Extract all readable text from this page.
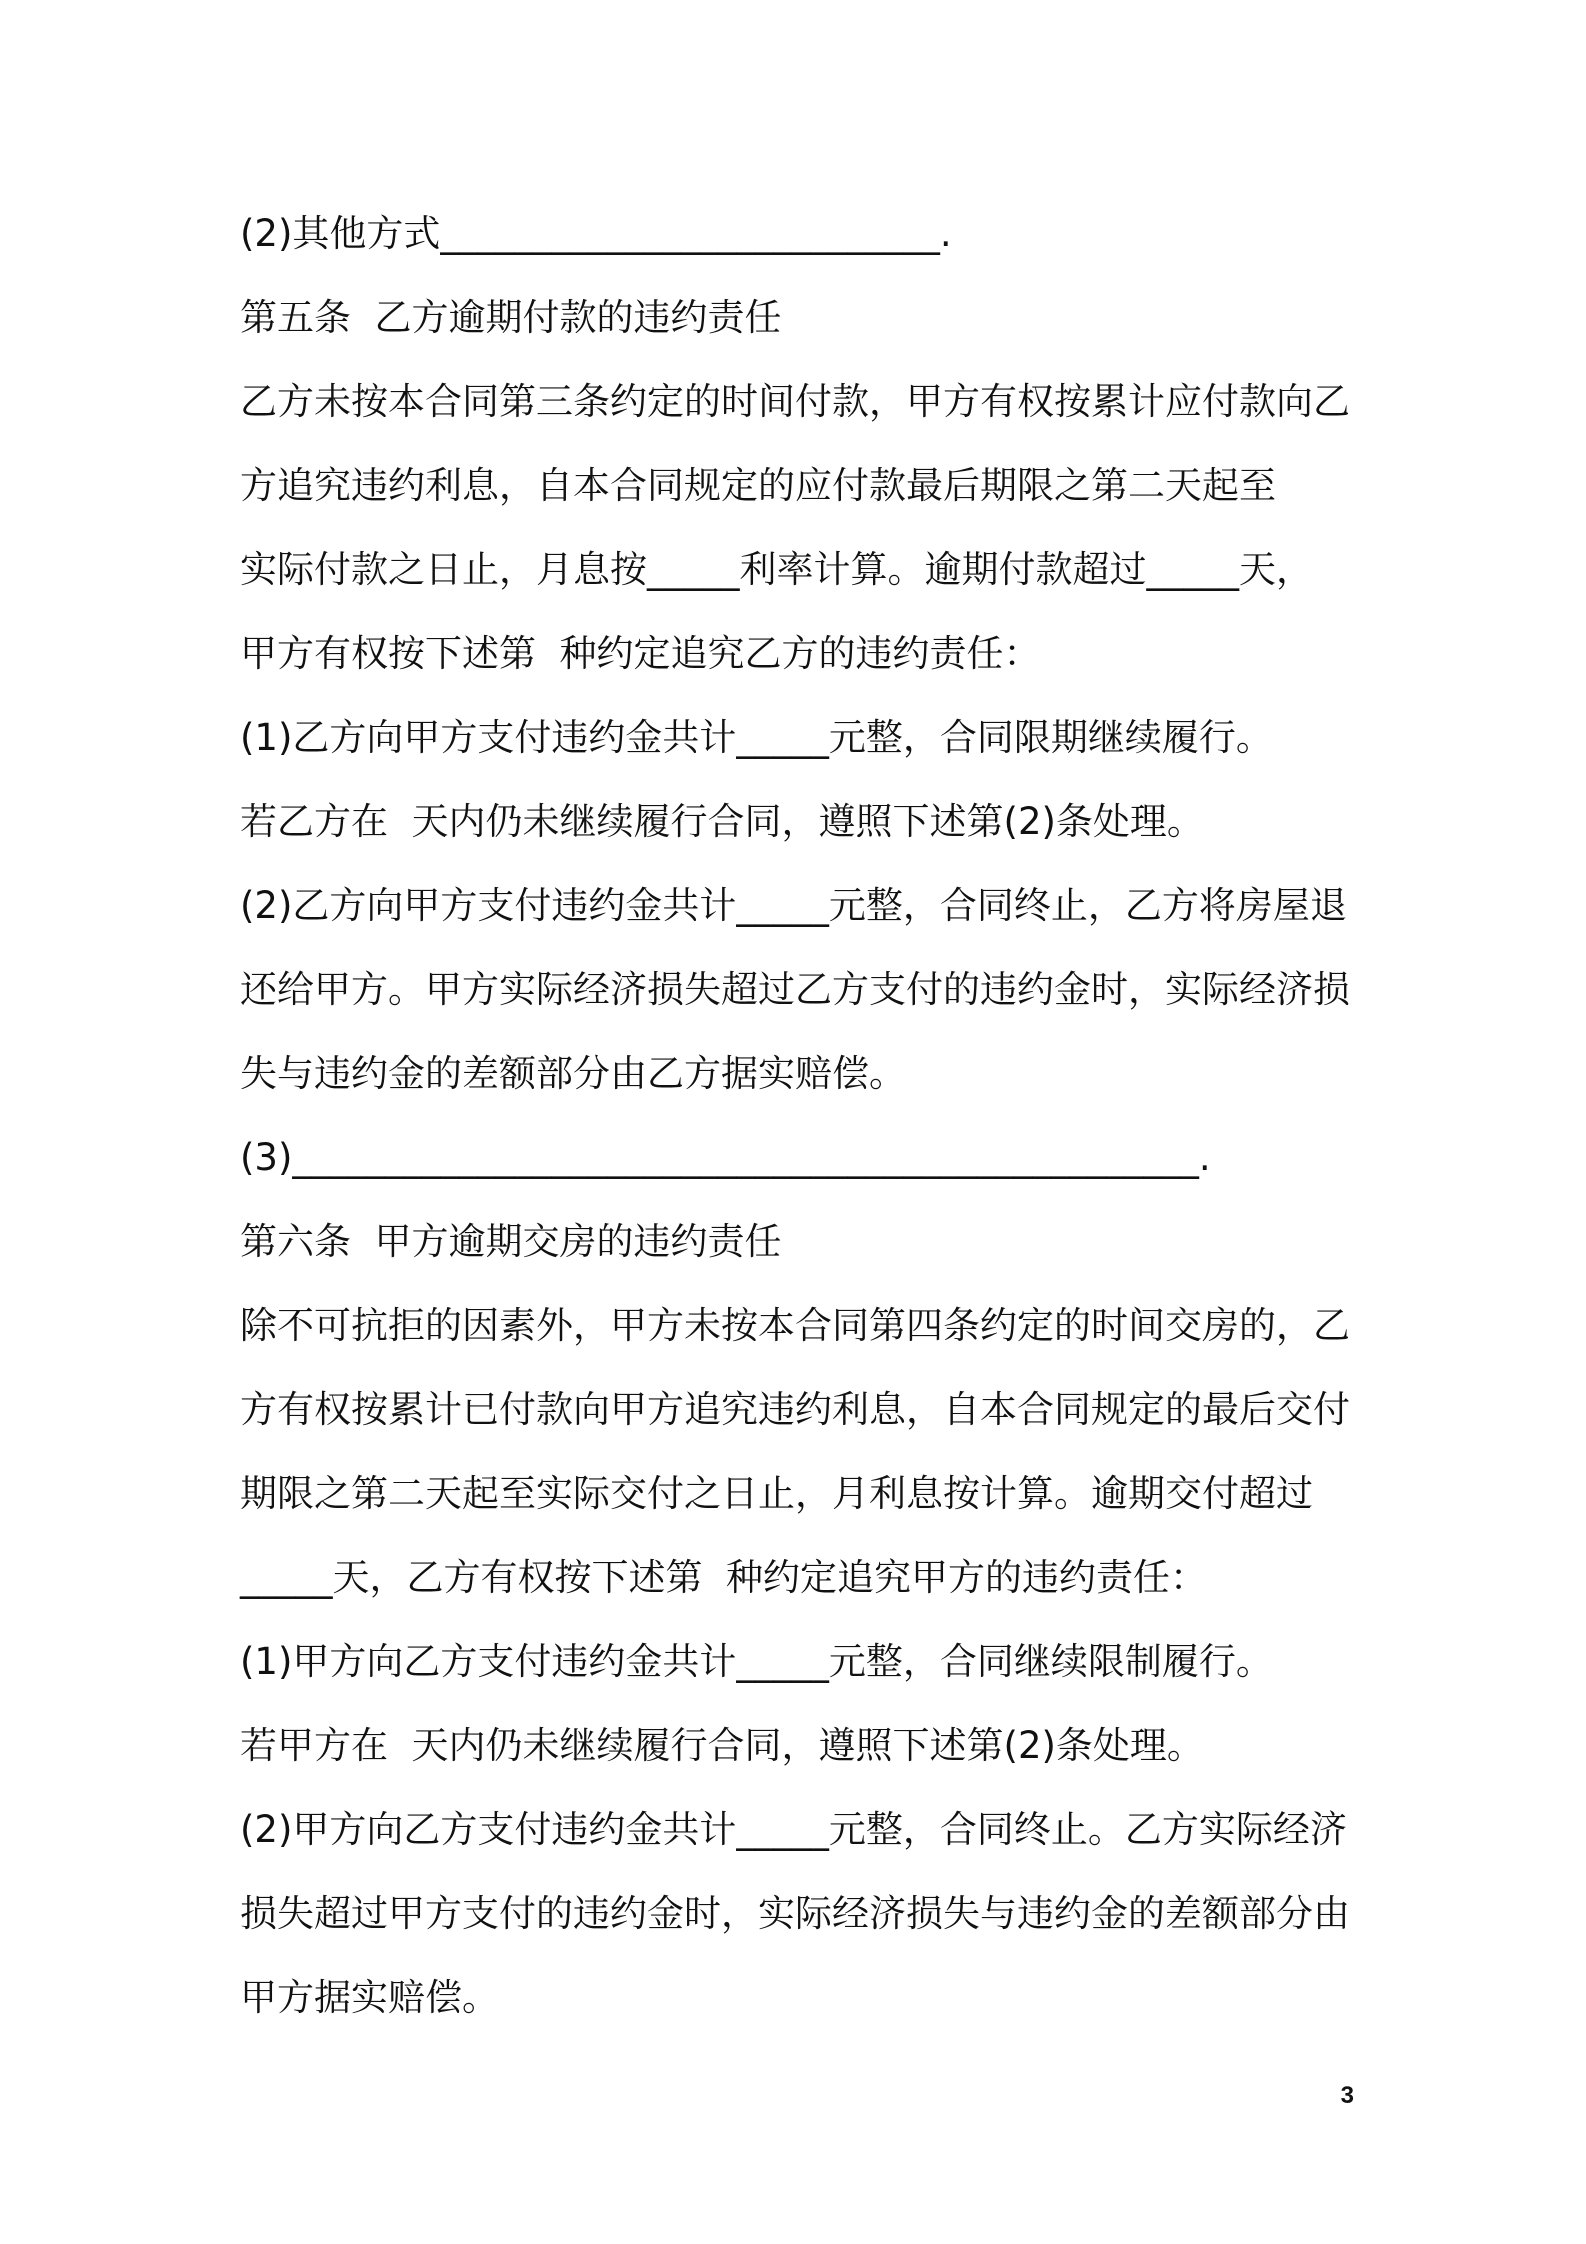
(2)其他方式___________________________.
第五条  乙方逾期付款的违约责任
乙方未按本合同第三条约定的时间付款，甲方有权按累计应付款向乙
方追究违约利息，自本合同规定的应付款最后期限之第二天起至
实际付款之日止，月息按_____利率计算。逾期付款超过_____天，
甲方有权按下述第  种约定追究乙方的违约责任：
(1)乙方向甲方支付违约金共计_____元整，合同限期继续履行。
若乙方在  天内仍未继续履行合同，遵照下述第(2)条处理。
(2)乙方向甲方支付违约金共计_____元整，合同终止，乙方将房屋退
还给甲方。甲方实际经济损失超过乙方支付的违约金时，实际经济损
失与违约金的差额部分由乙方据实赔偿。
(3)_________________________________________________.
第六条  甲方逾期交房的违约责任
除不可抗拒的因素外，甲方未按本合同第四条约定的时间交房的，乙
方有权按累计已付款向甲方追究违约利息，自本合同规定的最后交付
期限之第二天起至实际交付之日止，月利息按计算。逾期交付超过
_____天，乙方有权按下述第  种约定追究甲方的违约责任：
(1)甲方向乙方支付违约金共计_____元整，合同继续限制履行。
若甲方在  天内仍未继续履行合同，遵照下述第(2)条处理。
(2)甲方向乙方支付违约金共计_____元整，合同终止。乙方实际经济
损失超过甲方支付的违约金时，实际经济损失与违约金的差额部分由
甲方据实赔偿。
3
